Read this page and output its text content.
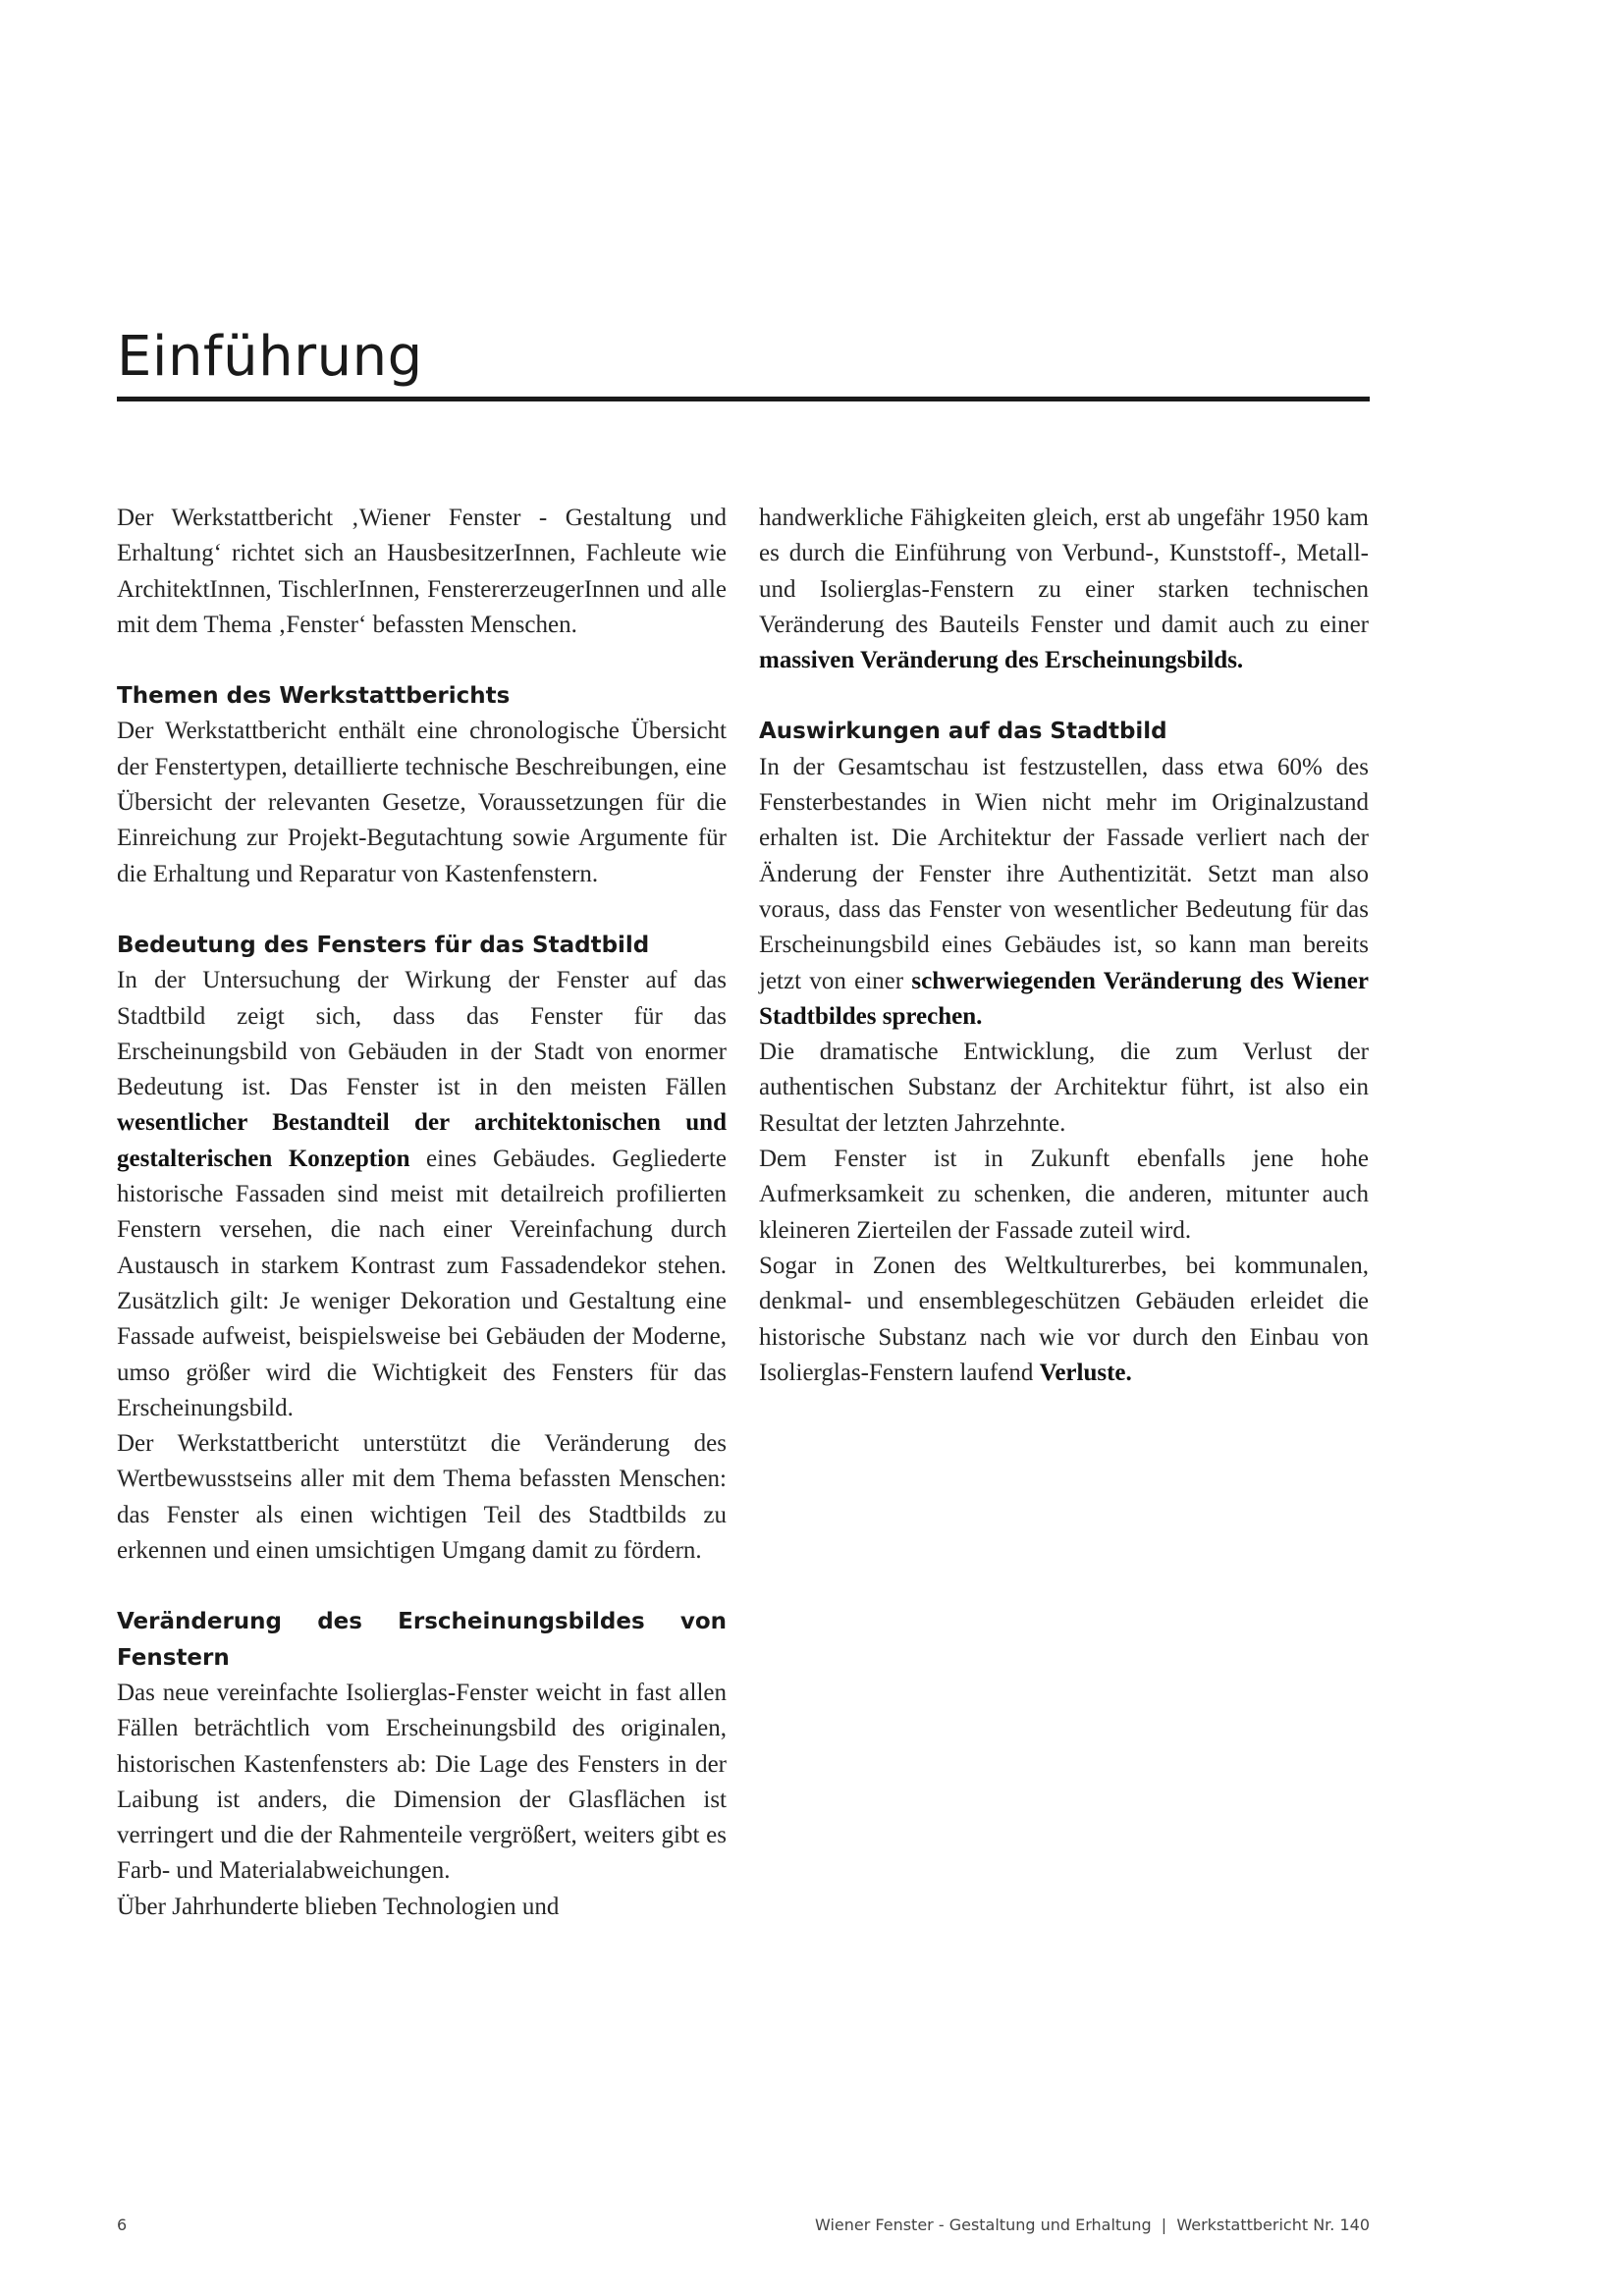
Einführung

Der Werkstattbericht ‚Wiener Fenster - Gestaltung und Erhaltung‘ richtet sich an HausbesitzerInnen, Fachleute wie ArchitektInnen, TischlerInnen, FenstererzeugerInnen und alle mit dem Thema ‚Fenster‘ befassten Menschen.

Themen des Werkstattberichts

Der Werkstattbericht enthält eine chronologische Übersicht der Fenstertypen, detaillierte technische Beschreibungen, eine Übersicht der relevanten Gesetze, Voraussetzungen für die Einreichung zur Projekt-Begutachtung sowie Argumente für die Erhaltung und Reparatur von Kastenfenstern.

Bedeutung des Fensters für das Stadtbild

In der Untersuchung der Wirkung der Fenster auf das Stadtbild zeigt sich, dass das Fenster für das Erscheinungsbild von Gebäuden in der Stadt von enormer Bedeutung ist. Das Fenster ist in den meisten Fällen wesentlicher Bestandteil der architektonischen und gestalterischen Konzeption eines Gebäudes. Gegliederte historische Fassaden sind meist mit detailreich profilierten Fenstern versehen, die nach einer Vereinfachung durch Austausch in starkem Kontrast zum Fassadendekor stehen. Zusätzlich gilt: Je weniger Dekoration und Gestaltung eine Fassade aufweist, beispielsweise bei Gebäuden der Moderne, umso größer wird die Wichtigkeit des Fensters für das Erscheinungsbild.

Der Werkstattbericht unterstützt die Veränderung des Wertbewusstseins aller mit dem Thema befassten Menschen: das Fenster als einen wichtigen Teil des Stadtbilds zu erkennen und einen umsichtigen Umgang damit zu fördern.

Veränderung des Erscheinungsbildes von Fenstern

Das neue vereinfachte Isolierglas-Fenster weicht in fast allen Fällen beträchtlich vom Erscheinungsbild des originalen, historischen Kastenfensters ab: Die Lage des Fensters in der Laibung ist anders, die Dimension der Glasflächen ist verringert und die der Rahmenteile vergrößert, weiters gibt es Farb- und Materialabweichungen.

Über Jahrhunderte blieben Technologien und

handwerkliche Fähigkeiten gleich, erst ab ungefähr 1950 kam es durch die Einführung von Verbund-, Kunststoff-, Metall- und Isolierglas-Fenstern zu einer starken technischen Veränderung des Bauteils Fenster und damit auch zu einer massiven Veränderung des Erscheinungsbilds.

Auswirkungen auf das Stadtbild

In der Gesamtschau ist festzustellen, dass etwa 60% des Fensterbestandes in Wien nicht mehr im Originalzustand erhalten ist. Die Architektur der Fassade verliert nach der Änderung der Fenster ihre Authentizität. Setzt man also voraus, dass das Fenster von wesentlicher Bedeutung für das Erscheinungsbild eines Gebäudes ist, so kann man bereits jetzt von einer schwerwiegenden Veränderung des Wiener Stadtbildes sprechen.

Die dramatische Entwicklung, die zum Verlust der authentischen Substanz der Architektur führt, ist also ein Resultat der letzten Jahrzehnte.

Dem Fenster ist in Zukunft ebenfalls jene hohe Aufmerksamkeit zu schenken, die anderen, mitunter auch kleineren Zierteilen der Fassade zuteil wird.

Sogar in Zonen des Weltkulturerbes, bei kommunalen, denkmal- und ensemblegeschützen Gebäuden erleidet die historische Substanz nach wie vor durch den Einbau von Isolierglas-Fenstern laufend Verluste.

6	Wiener Fenster - Gestaltung und Erhaltung  |  Werkstattbericht Nr. 140
